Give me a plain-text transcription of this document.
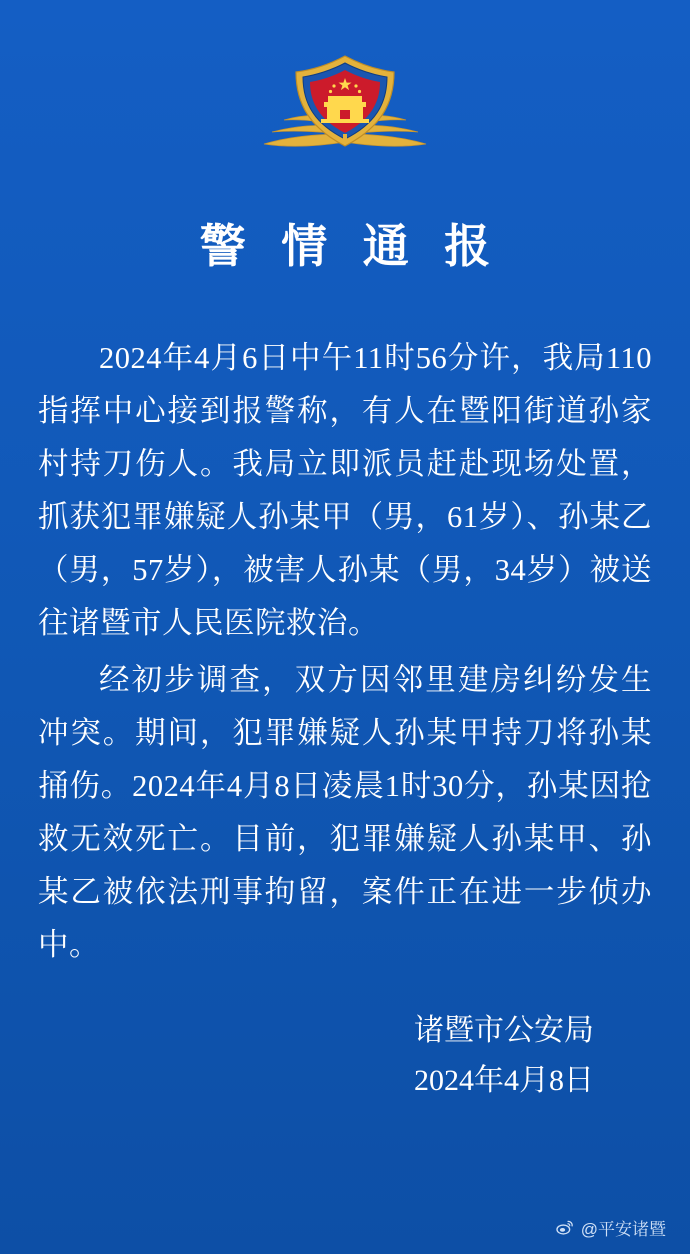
警 情 通 报

2024年4月6日中午11时56分许，我局110指挥中心接到报警称，有人在暨阳街道孙家村持刀伤人。我局立即派员赶赴现场处置，抓获犯罪嫌疑人孙某甲（男，61岁）、孙某乙（男，57岁），被害人孙某（男，34岁）被送往诸暨市人民医院救治。

经初步调查，双方因邻里建房纠纷发生冲突。期间，犯罪嫌疑人孙某甲持刀将孙某捅伤。2024年4月8日凌晨1时30分，孙某因抢救无效死亡。目前，犯罪嫌疑人孙某甲、孙某乙被依法刑事拘留，案件正在进一步侦办中。

诸暨市公安局
2024年4月8日
@平安诸暨
